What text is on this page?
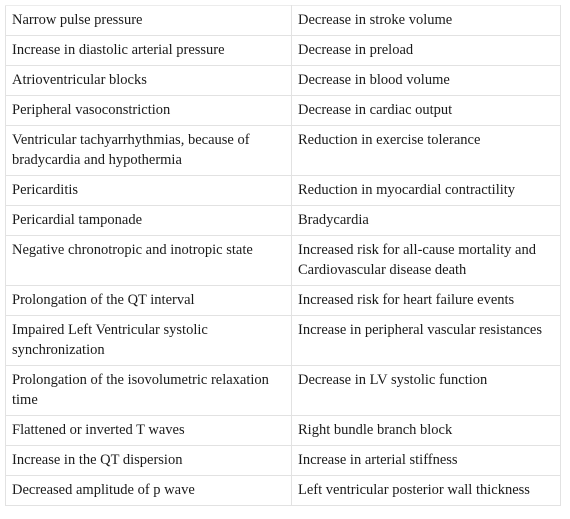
Narrow pulse pressure	Decrease in stroke volume
Increase in diastolic arterial pressure	Decrease in preload
Atrioventricular blocks	Decrease in blood volume
Peripheral vasoconstriction	Decrease in cardiac output
Ventricular tachyarrhythmias, because of bradycardia and hypothermia	Reduction in exercise tolerance
Pericarditis	Reduction in myocardial contractility
Pericardial tamponade	Bradycardia
Negative chronotropic and inotropic state	Increased risk for all-cause mortality and Cardiovascular disease death
Prolongation of the QT interval	Increased risk for heart failure events
Impaired Left Ventricular systolic synchronization	Increase in peripheral vascular resistances
Prolongation of the isovolumetric relaxation time	Decrease in LV systolic function
Flattened or inverted T waves	Right bundle branch block
Increase in the QT dispersion	Increase in arterial stiffness
Decreased amplitude of p wave	Left ventricular posterior wall thickness
